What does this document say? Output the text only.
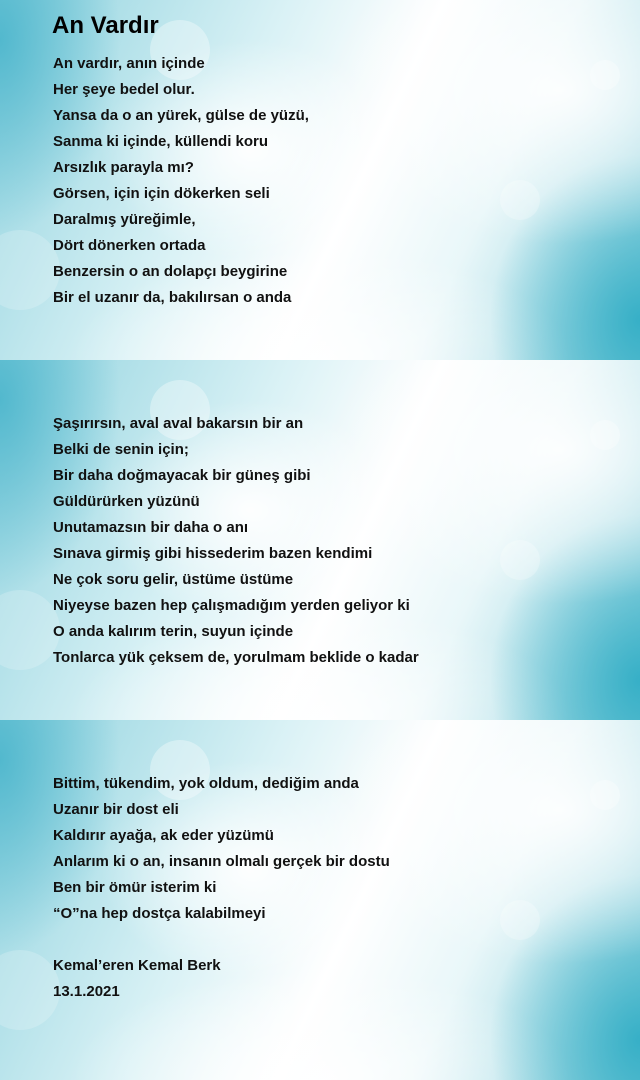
An Vardır
An vardır, anın içinde
Her şeye bedel olur.
Yansa da o an yürek, gülse de yüzü,
Sanma ki içinde, küllendi koru
Arsızlık parayla mı?
Görsen, için için dökerken seli
Daralmış yüreğimle,
Dört dönerken ortada
Benzersin o an dolapçı beygirine
Bir el uzanır da, bakılırsan o anda
Şaşırırsın, aval aval bakarsın bir an
Belki de senin için;
Bir daha doğmayacak bir güneş gibi
Güldürürken yüzünü
Unutamazsın bir daha o anı
Sınava girmiş gibi hissederim bazen kendimi
Ne çok soru gelir, üstüme üstüme
Niyeyse bazen hep çalışmadığım yerden geliyor ki
O anda kalırım terin, suyun içinde
Tonlarca yük çeksem de, yorulmam beklide o kadar
Bittim, tükendim, yok oldum, dediğim anda
Uzanır bir dost eli
Kaldırır ayağa, ak eder yüzümü
Anlarım ki o an, insanın olmalı gerçek bir dostu
Ben bir ömür isterim ki
“O”na hep dostça kalabilmeyi
Kemal’eren Kemal Berk
13.1.2021
